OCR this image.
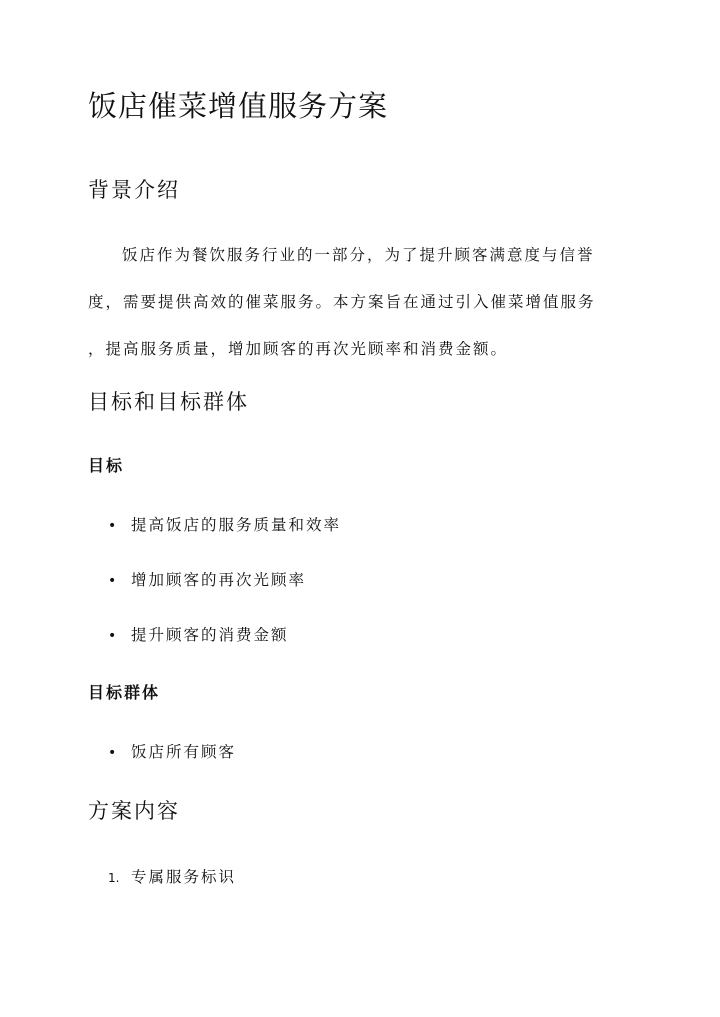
饭店催菜增值服务方案
背景介绍
饭店作为餐饮服务行业的一部分，为了提升顾客满意度与信誉
度，需要提供高效的催菜服务。本方案旨在通过引入催菜增值服务
，提高服务质量，增加顾客的再次光顾率和消费金额。
目标和目标群体
目标
• 提高饭店的服务质量和效率
• 增加顾客的再次光顾率
• 提升顾客的消费金额
目标群体
• 饭店所有顾客
方案内容
1. 专属服务标识
